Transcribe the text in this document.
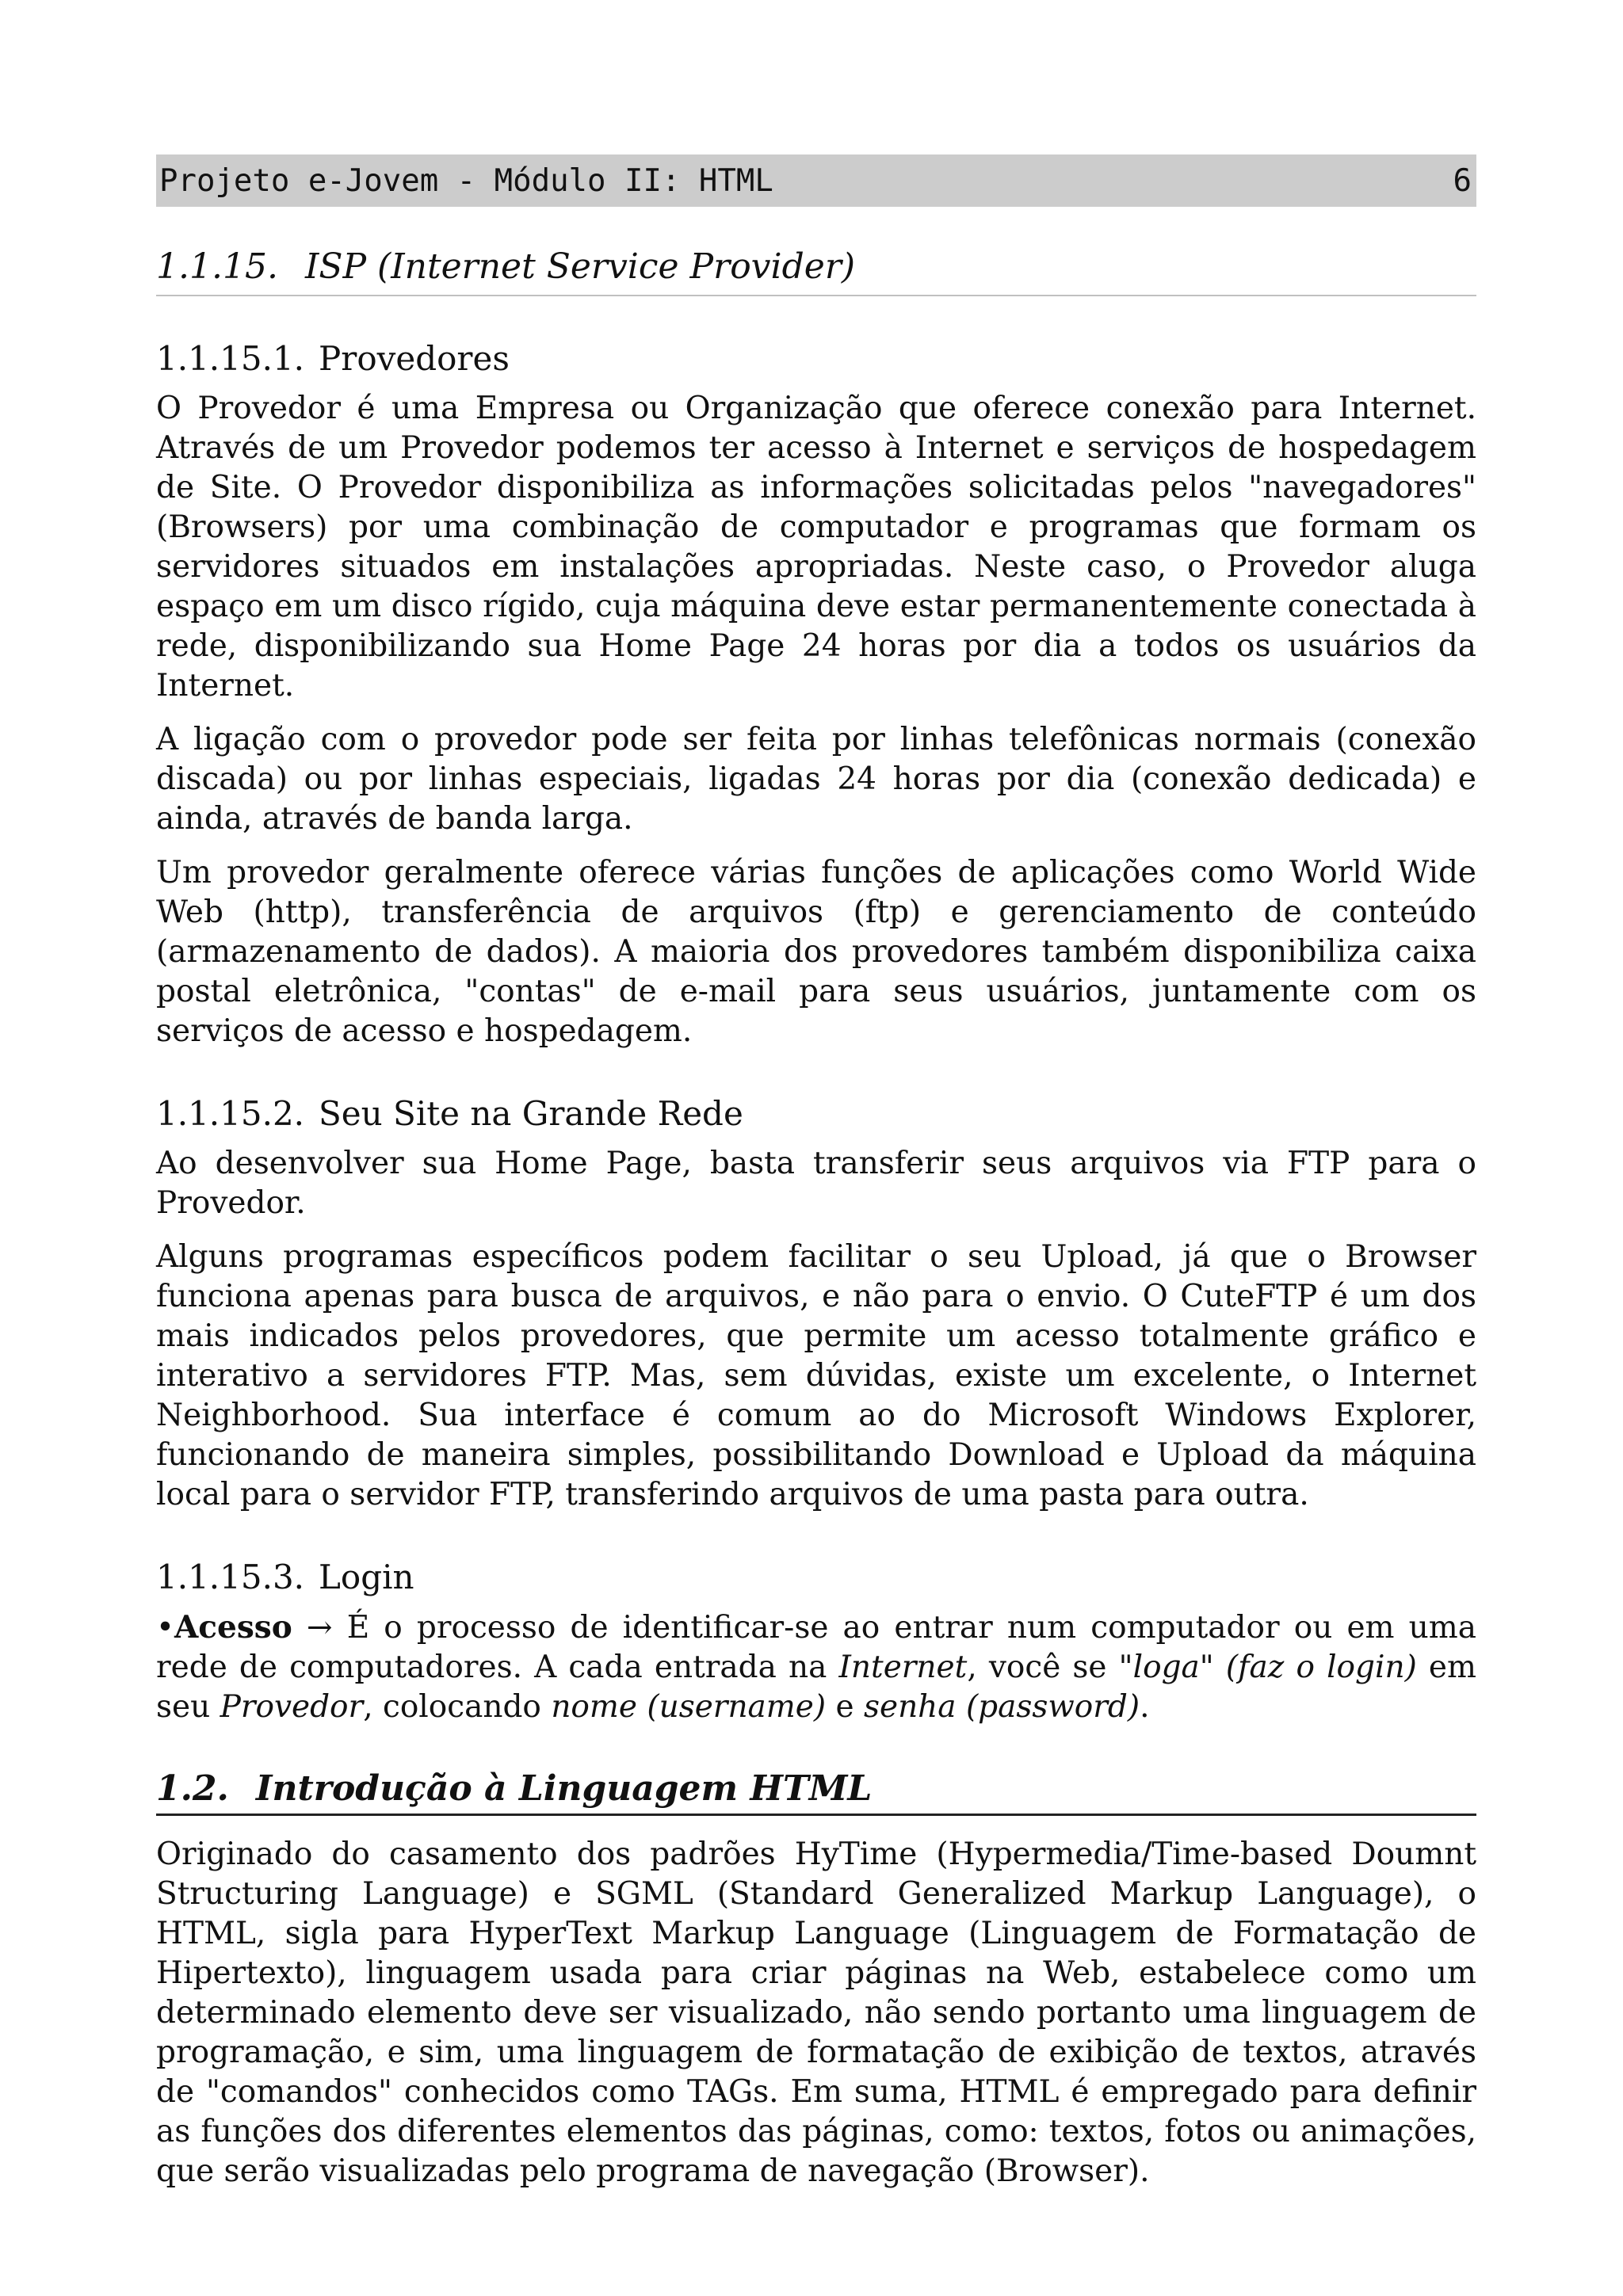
Projeto e-Jovem - Módulo II: HTML	6
1.1.15. ISP (Internet Service Provider)
1.1.15.1. Provedores

O Provedor é uma Empresa ou Organização que oferece conexão para Internet. Através de um Provedor podemos ter acesso à Internet e serviços de hospedagem de Site. O Provedor disponibiliza as informações solicitadas pelos "navegadores" (Browsers) por uma combinação de computador e programas que formam os servidores situados em instalações apropriadas. Neste caso, o Provedor aluga espaço em um disco rígido, cuja máquina deve estar permanentemente conectada à rede, disponibilizando sua Home Page 24 horas por dia a todos os usuários da Internet.

A ligação com o provedor pode ser feita por linhas telefônicas normais (conexão discada) ou por linhas especiais, ligadas 24 horas por dia (conexão dedicada) e ainda, através de banda larga.

Um provedor geralmente oferece várias funções de aplicações como World Wide Web (http), transferência de arquivos (ftp) e gerenciamento de conteúdo (armazenamento de dados). A maioria dos provedores também disponibiliza caixa postal eletrônica, "contas" de e-mail para seus usuários, juntamente com os serviços de acesso e hospedagem.

1.1.15.2. Seu Site na Grande Rede

Ao desenvolver sua Home Page, basta transferir seus arquivos via FTP para o Provedor.

Alguns programas específicos podem facilitar o seu Upload, já que o Browser funciona apenas para busca de arquivos, e não para o envio. O CuteFTP é um dos mais indicados pelos provedores, que permite um acesso totalmente gráfico e interativo a servidores FTP. Mas, sem dúvidas, existe um excelente, o Internet Neighborhood. Sua interface é comum ao do Microsoft Windows Explorer, funcionando de maneira simples, possibilitando Download e Upload da máquina local para o servidor FTP, transferindo arquivos de uma pasta para outra.

1.1.15.3. Login

•Acesso → É o processo de identificar-se ao entrar num computador ou em uma rede de computadores. A cada entrada na Internet, você se "loga" (faz o login) em seu Provedor, colocando nome (username) e senha (password).

1.2. Introdução à Linguagem HTML

Originado do casamento dos padrões HyTime (Hypermedia/Time-based Doumnt Structuring Language) e SGML (Standard Generalized Markup Language), o HTML, sigla para HyperText Markup Language (Linguagem de Formatação de Hipertexto), linguagem usada para criar páginas na Web, estabelece como um determinado elemento deve ser visualizado, não sendo portanto uma linguagem de programação, e sim, uma linguagem de formatação de exibição de textos, através de "comandos" conhecidos como TAGs. Em suma, HTML é empregado para definir as funções dos diferentes elementos das páginas, como: textos, fotos ou animações, que serão visualizadas pelo programa de navegação (Browser).
